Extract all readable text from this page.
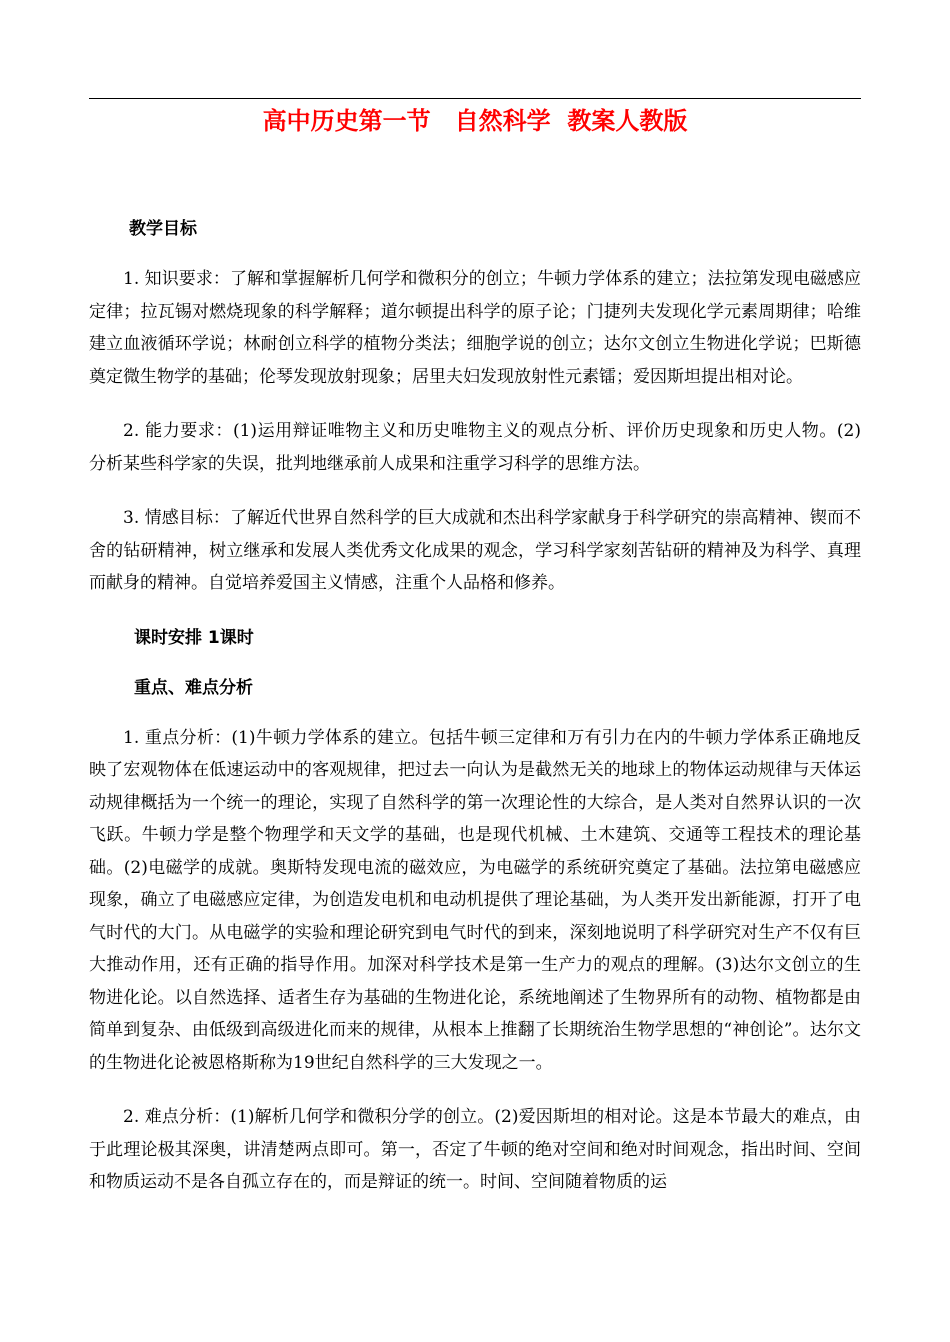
高中历史第一节　自然科学  教案人教版

教学目标

1. 知识要求：了解和掌握解析几何学和微积分的创立；牛顿力学体系的建立；法拉第发现电磁感应定律；拉瓦锡对燃烧现象的科学解释；道尔顿提出科学的原子论；门捷列夫发现化学元素周期律；哈维建立血液循环学说；林耐创立科学的植物分类法；细胞学说的创立；达尔文创立生物进化学说；巴斯德奠定微生物学的基础；伦琴发现放射现象；居里夫妇发现放射性元素镭；爱因斯坦提出相对论。

2. 能力要求：(1)运用辩证唯物主义和历史唯物主义的观点分析、评价历史现象和历史人物。(2) 分析某些科学家的失误，批判地继承前人成果和注重学习科学的思维方法。

3. 情感目标：了解近代世界自然科学的巨大成就和杰出科学家献身于科学研究的崇高精神、锲而不舍的钻研精神，树立继承和发展人类优秀文化成果的观念，学习科学家刻苦钻研的精神及为科学、真理而献身的精神。自觉培养爱国主义情感，注重个人品格和修养。

课时安排 1课时

重点、难点分析

1. 重点分析：(1)牛顿力学体系的建立。包括牛顿三定律和万有引力在内的牛顿力学体系正确地反映了宏观物体在低速运动中的客观规律，把过去一向认为是截然无关的地球上的物体运动规律与天体运动规律概括为一个统一的理论，实现了自然科学的第一次理论性的大综合，是人类对自然界认识的一次飞跃。牛顿力学是整个物理学和天文学的基础，也是现代机械、土木建筑、交通等工程技术的理论基础。(2)电磁学的成就。奥斯特发现电流的磁效应，为电磁学的系统研究奠定了基础。法拉第电磁感应现象，确立了电磁感应定律，为创造发电机和电动机提供了理论基础，为人类开发出新能源，打开了电气时代的大门。从电磁学的实验和理论研究到电气时代的到来，深刻地说明了科学研究对生产不仅有巨大推动作用，还有正确的指导作用。加深对科学技术是第一生产力的观点的理解。(3)达尔文创立的生物进化论。以自然选择、适者生存为基础的生物进化论，系统地阐述了生物界所有的动物、植物都是由简单到复杂、由低级到高级进化而来的规律，从根本上推翻了长期统治生物学思想的“神创论”。达尔文的生物进化论被恩格斯称为19世纪自然科学的三大发现之一。

2. 难点分析：(1)解析几何学和微积分学的创立。(2)爱因斯坦的相对论。这是本节最大的难点，由于此理论极其深奥，讲清楚两点即可。第一，否定了牛顿的绝对空间和绝对时间观念，指出时间、空间和物质运动不是各自孤立存在的，而是辩证的统一。时间、空间随着物质的运
